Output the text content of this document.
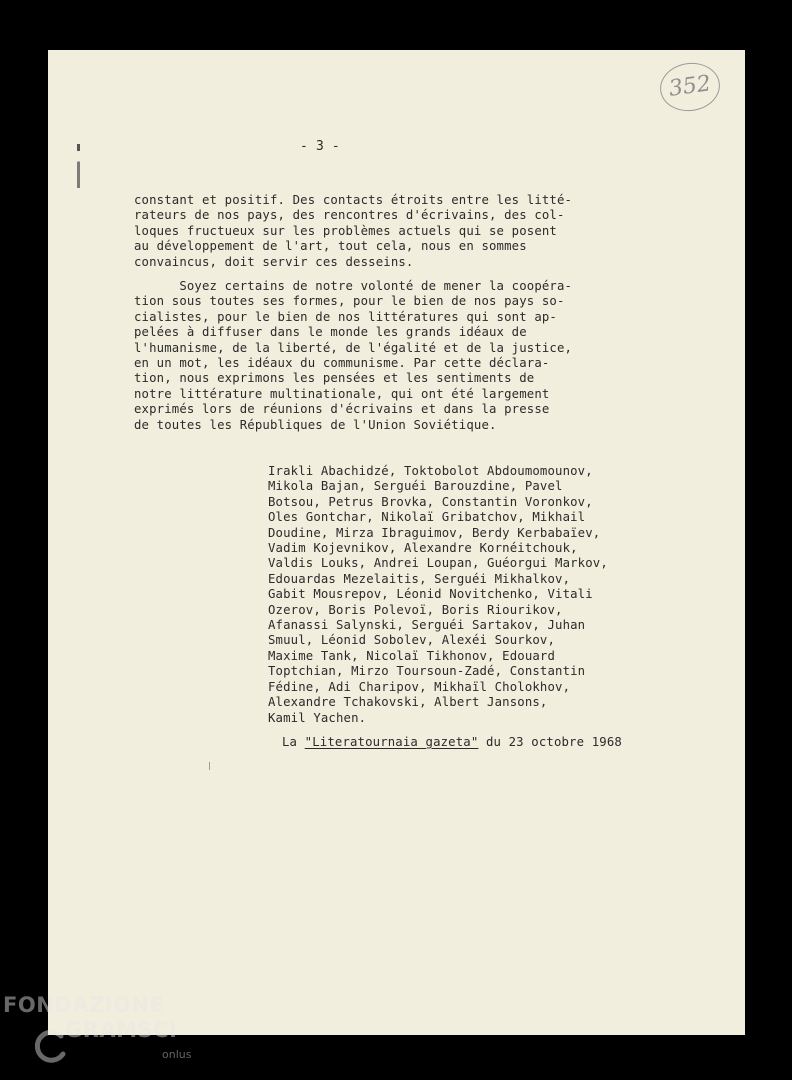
352
- 3 -
constant et positif. Des contacts étroits entre les litté-
rateurs de nos pays, des rencontres d'écrivains, des col-
loques fructueux sur les problèmes actuels qui se posent
au développement de l'art, tout cela, nous en sommes
convaincus, doit servir ces desseins.
Soyez certains de notre volonté de mener la coopéra-
tion sous toutes ses formes, pour le bien de nos pays so-
cialistes, pour le bien de nos littératures qui sont ap-
pelées à diffuser dans le monde les grands idéaux de
l'humanisme, de la liberté, de l'égalité et de la justice,
en un mot, les idéaux du communisme. Par cette déclara-
tion, nous exprimons les pensées et les sentiments de
notre littérature multinationale, qui ont été largement
exprimés lors de réunions d'écrivains et dans la presse
de toutes les Républiques de l'Union Soviétique.
Irakli Abachidzé, Toktobolot Abdoumomounov,
Mikola Bajan, Serguéi Barouzdine, Pavel
Botsou, Petrus Brovka, Constantin Voronkov,
Oles Gontchar, Nikolaï Gribatchov, Mikhail
Doudine, Mirza Ibraguimov, Berdy Kerbabaïev,
Vadim Kojevnikov, Alexandre Kornéitchouk,
Valdis Louks, Andrei Loupan, Guéorgui Markov,
Edouardas Mezelaitis, Serguéi Mikhalkov,
Gabit Mousrepov, Léonid Novitchenko, Vitali
Ozerov, Boris Polevoï, Boris Riourikov,
Afanassi Salynski, Serguéi Sartakov, Juhan
Smuul, Léonid Sobolev, Alexéi Sourkov,
Maxime Tank, Nicolaï Tikhonov, Edouard
Toptchian, Mirzo Toursoun-Zadé, Constantin
Fédine, Adi Charipov, Mikhaïl Cholokhov,
Alexandre Tchakovski, Albert Jansons,
Kamil Yachen.
La "Literatournaia gazeta" du 23 octobre 1968
FONDAZIONE
GRAMSCI
onlus
